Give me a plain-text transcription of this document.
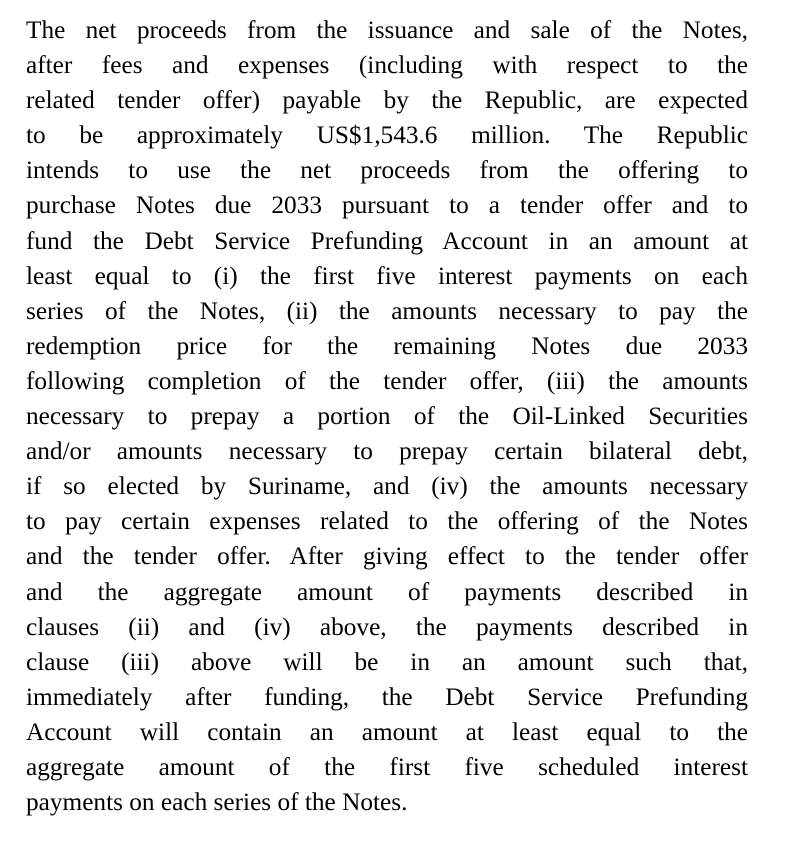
The net proceeds from the issuance and sale of the Notes,
after fees and expenses (including with respect to the
related tender offer) payable by the Republic, are expected
to be approximately US$1,543.6 million. The Republic
intends to use the net proceeds from the offering to
purchase Notes due 2033 pursuant to a tender offer and to
fund the Debt Service Prefunding Account in an amount at
least equal to (i) the first five interest payments on each
series of the Notes, (ii) the amounts necessary to pay the
redemption price for the remaining Notes due 2033
following completion of the tender offer, (iii) the amounts
necessary to prepay a portion of the Oil-Linked Securities
and/or amounts necessary to prepay certain bilateral debt,
if so elected by Suriname, and (iv) the amounts necessary
to pay certain expenses related to the offering of the Notes
and the tender offer. After giving effect to the tender offer
and the aggregate amount of payments described in
clauses (ii) and (iv) above, the payments described in
clause (iii) above will be in an amount such that,
immediately after funding, the Debt Service Prefunding
Account will contain an amount at least equal to the
aggregate amount of the first five scheduled interest
payments on each series of the Notes.
